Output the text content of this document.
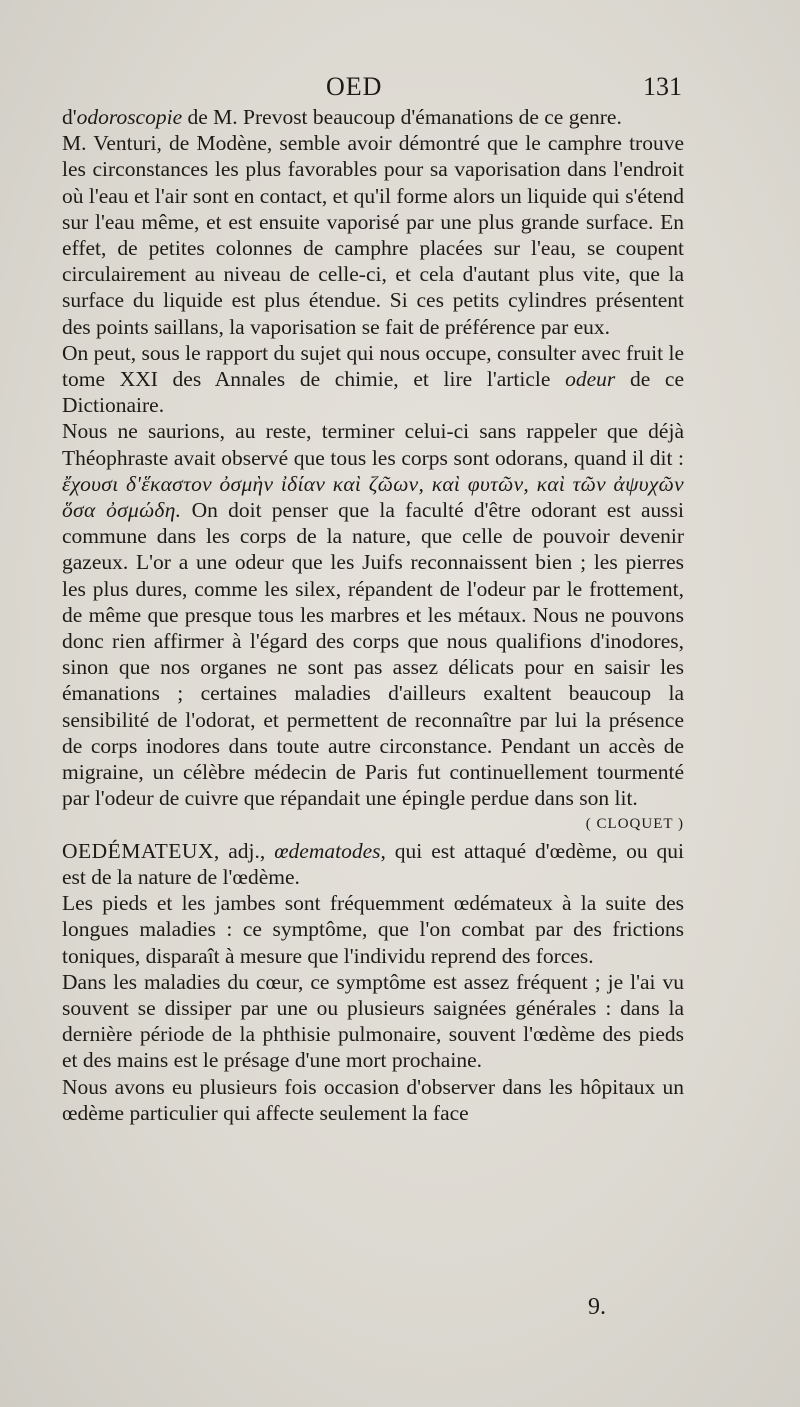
OED	131

d'odoroscopie de M. Prevost beaucoup d'émanations de ce genre.

M. Venturi, de Modène, semble avoir démontré que le camphre trouve les circonstances les plus favorables pour sa vaporisation dans l'endroit où l'eau et l'air sont en contact, et qu'il forme alors un liquide qui s'étend sur l'eau même, et est ensuite vaporisé par une plus grande surface. En effet, de petites colonnes de camphre placées sur l'eau, se coupent circulairement au niveau de celle-ci, et cela d'autant plus vite, que la surface du liquide est plus étendue. Si ces petits cylindres présentent des points saillans, la vaporisation se fait de préférence par eux.

On peut, sous le rapport du sujet qui nous occupe, consulter avec fruit le tome XXI des Annales de chimie, et lire l'article odeur de ce Dictionaire.

Nous ne saurions, au reste, terminer celui-ci sans rappeler que déjà Théophraste avait observé que tous les corps sont odorans, quand il dit : ἔχουσι δ'ἕκαστον ὀσμὴν ἰδίαν καὶ ζῶων, καὶ φυτῶν, καὶ τῶν ἀψυχῶν ὅσα ὀσμώδη. On doit penser que la faculté d'être odorant est aussi commune dans les corps de la nature, que celle de pouvoir devenir gazeux. L'or a une odeur que les Juifs reconnaissent bien ; les pierres les plus dures, comme les silex, répandent de l'odeur par le frottement, de même que presque tous les marbres et les métaux. Nous ne pouvons donc rien affirmer à l'égard des corps que nous qualifions d'inodores, sinon que nos organes ne sont pas assez délicats pour en saisir les émanations ; certaines maladies d'ailleurs exaltent beaucoup la sensibilité de l'odorat, et permettent de reconnaître par lui la présence de corps inodores dans toute autre circonstance. Pendant un accès de migraine, un célèbre médecin de Paris fut continuellement tourmenté par l'odeur de cuivre que répandait une épingle perdue dans son lit.
( CLOQUET )

OEDÉMATEUX, adj., œdematodes, qui est attaqué d'œdème, ou qui est de la nature de l'œdème.

Les pieds et les jambes sont fréquemment œdémateux à la suite des longues maladies : ce symptôme, que l'on combat par des frictions toniques, disparaît à mesure que l'individu reprend des forces.

Dans les maladies du cœur, ce symptôme est assez fréquent ; je l'ai vu souvent se dissiper par une ou plusieurs saignées générales : dans la dernière période de la phthisie pulmonaire, souvent l'œdème des pieds et des mains est le présage d'une mort prochaine.

Nous avons eu plusieurs fois occasion d'observer dans les hôpitaux un œdème particulier qui affecte seulement la face

9.
